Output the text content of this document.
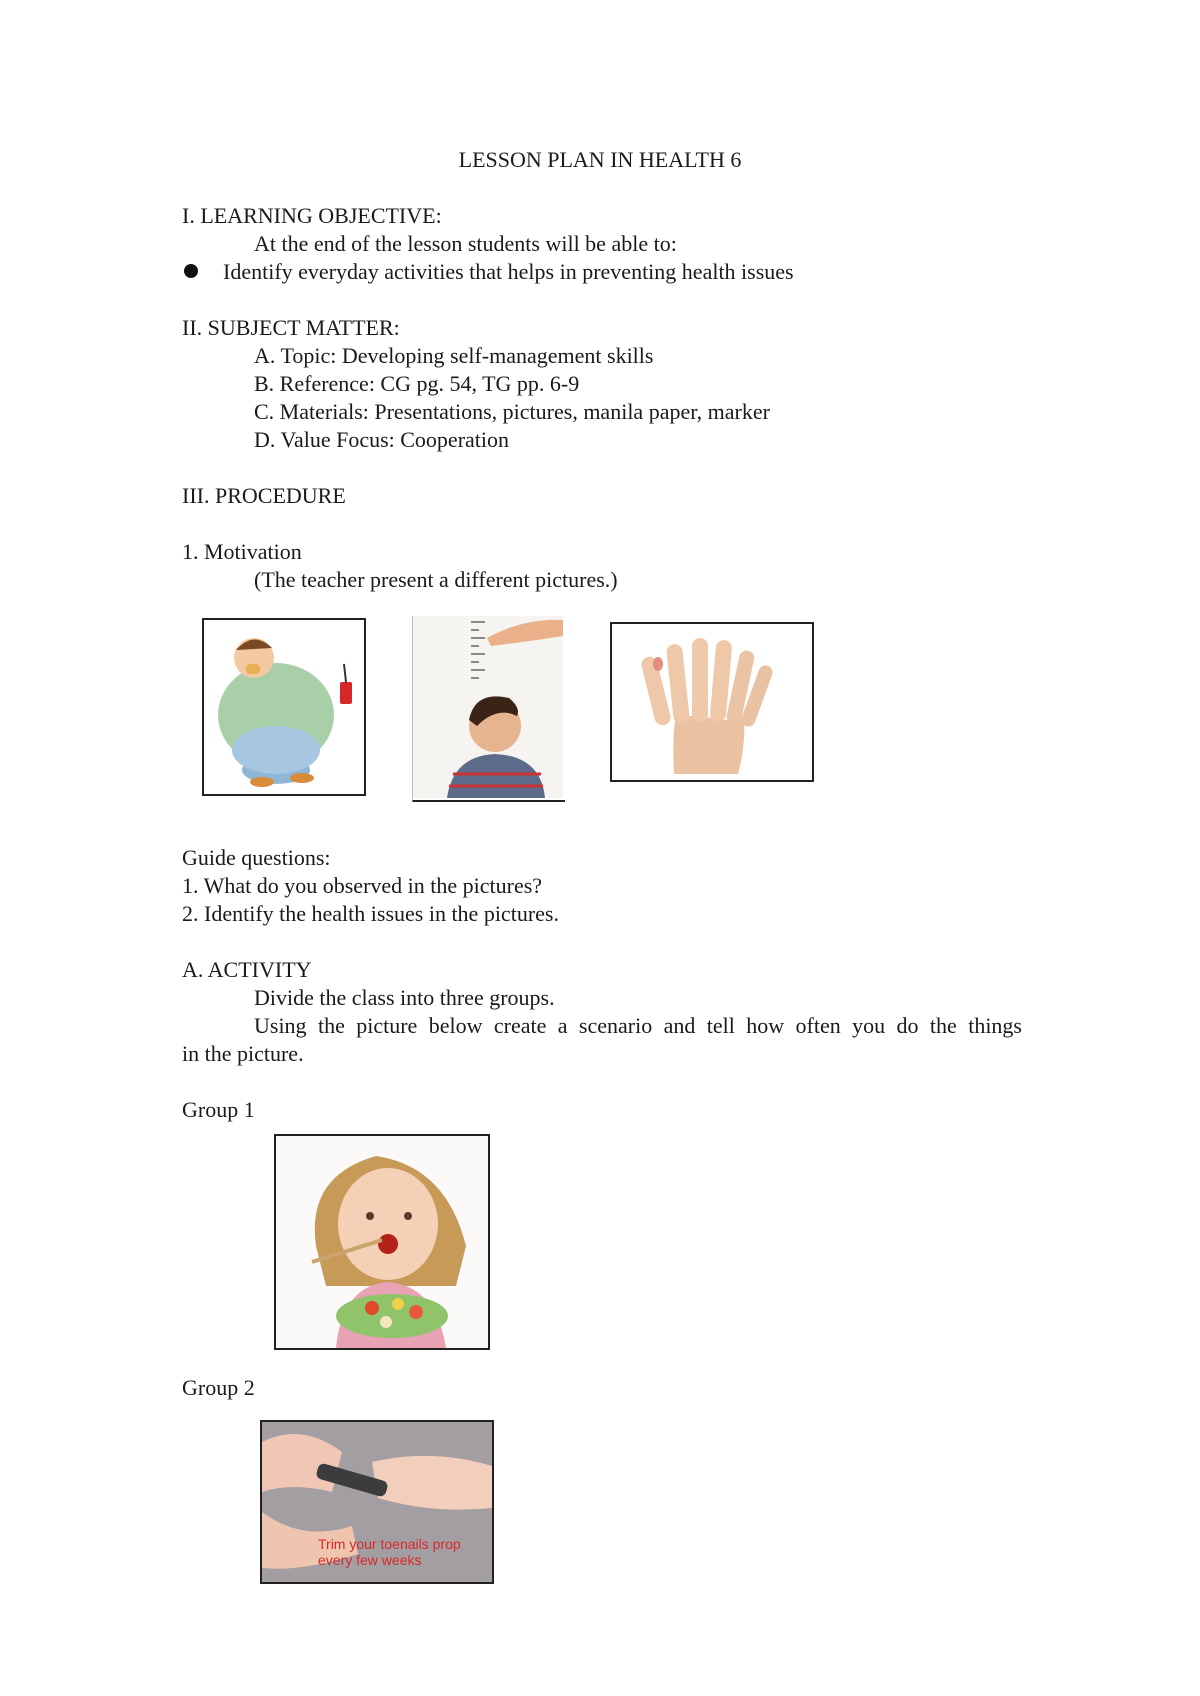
LESSON PLAN IN HEALTH 6
I. LEARNING OBJECTIVE:
At the end of the lesson students will be able to:
Identify everyday activities that helps in preventing health issues
II. SUBJECT MATTER:
A. Topic: Developing self-management skills
B. Reference: CG pg. 54, TG pp. 6-9
C. Materials: Presentations, pictures, manila paper, marker
D. Value Focus: Cooperation
III. PROCEDURE
1. Motivation
(The teacher present a different pictures.)
Guide questions:
1. What do you observed in the pictures?
2. Identify the health issues in the pictures.
A. ACTIVITY
Divide the class into three groups.
Using the picture below create a scenario and tell how often you do the things
in the picture.
Group 1
Group 2
Trim your toenails prop
every few weeks
